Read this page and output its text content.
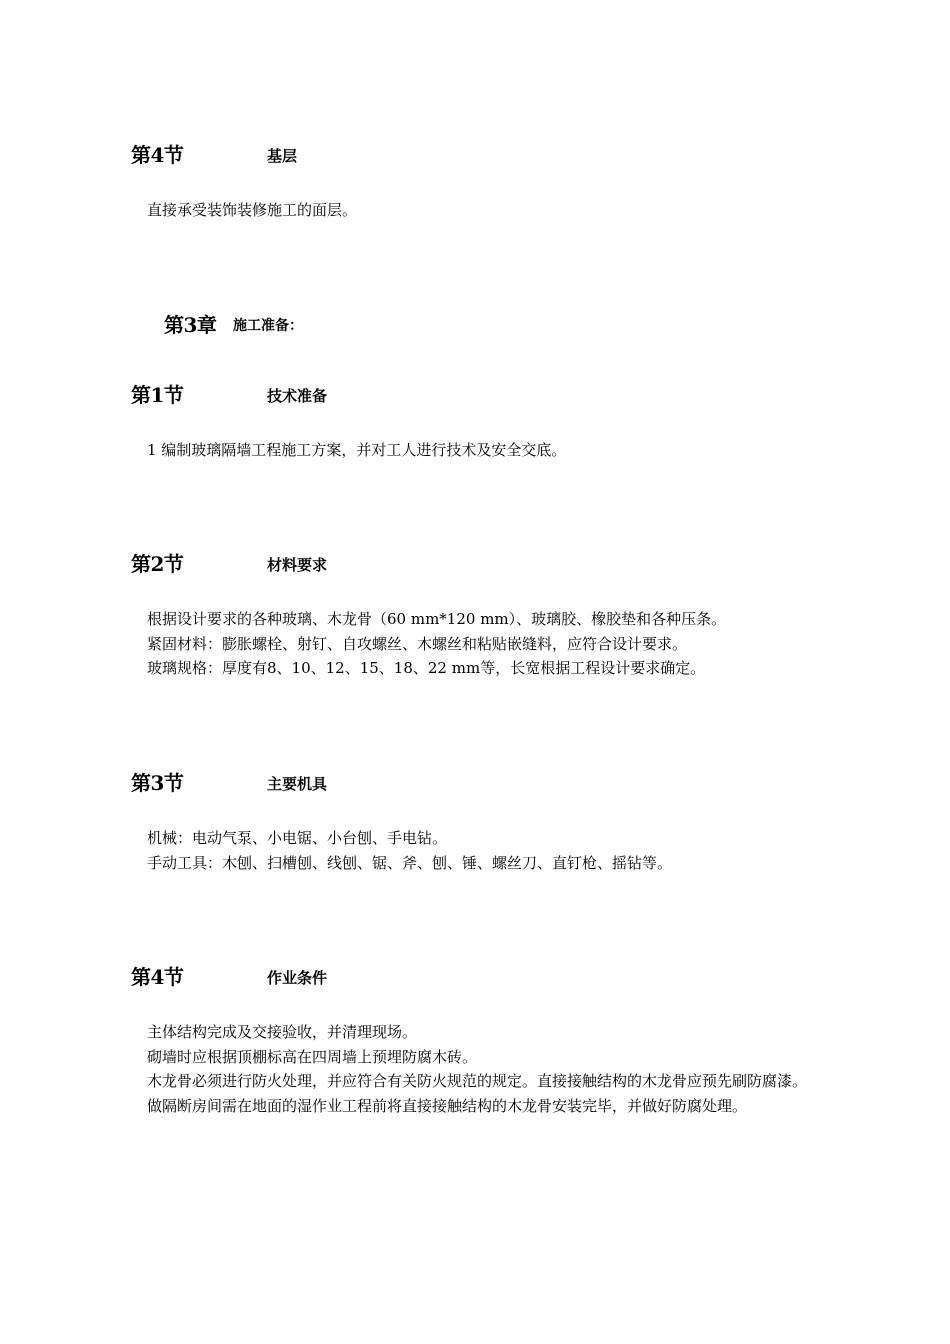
第4节	基层

直接承受装饰装修施工的面层。

第3章 施工准备：
第1节	技术准备

1 编制玻璃隔墙工程施工方案，并对工人进行技术及安全交底。

第2节	材料要求

根据设计要求的各种玻璃、木龙骨（60 mm*120 mm）、玻璃胶、橡胶垫和各种压条。

紧固材料：膨胀螺栓、射钉、自攻螺丝、木螺丝和粘贴嵌缝料，应符合设计要求。

玻璃规格：厚度有8、10、12、15、18、22 mm等，长宽根据工程设计要求确定。

第3节	主要机具

机械：电动气泵、小电锯、小台刨、手电钻。

手动工具：木刨、扫槽刨、线刨、锯、斧、刨、锤、螺丝刀、直钉枪、摇钻等。

第4节	作业条件

主体结构完成及交接验收，并清理现场。

砌墙时应根据顶棚标高在四周墙上预埋防腐木砖。

木龙骨必须进行防火处理，并应符合有关防火规范的规定。直接接触结构的木龙骨应预先刷防腐漆。

做隔断房间需在地面的湿作业工程前将直接接触结构的木龙骨安装完毕，并做好防腐处理。
